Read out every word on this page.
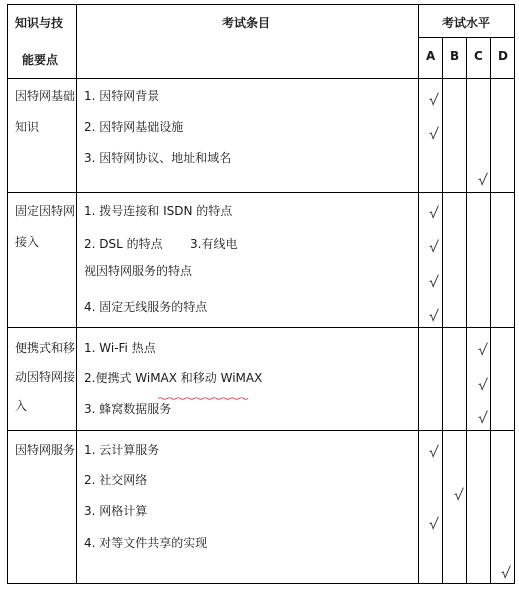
知识与技
能要点
考试条目	考试水平
A B C D
因特网基础
知识
1. 因特网背景
2. 因特网基础设施
3. 因特网协议、地址和域名
固定因特网
接入
1. 拨号连接和 ISDN 的特点
2. DSL 的特点 3.有线电
视因特网服务的特点
4. 固定无线服务的特点
便携式和移
动因特网接
入
1. Wi-Fi 热点
2.便携式 WiMAX 和移动 WiMAX
3. 蜂窝数据服务
因特网服务 1. 云计算服务
2. 社交网络
3. 网格计算
4. 对等文件共享的实现
